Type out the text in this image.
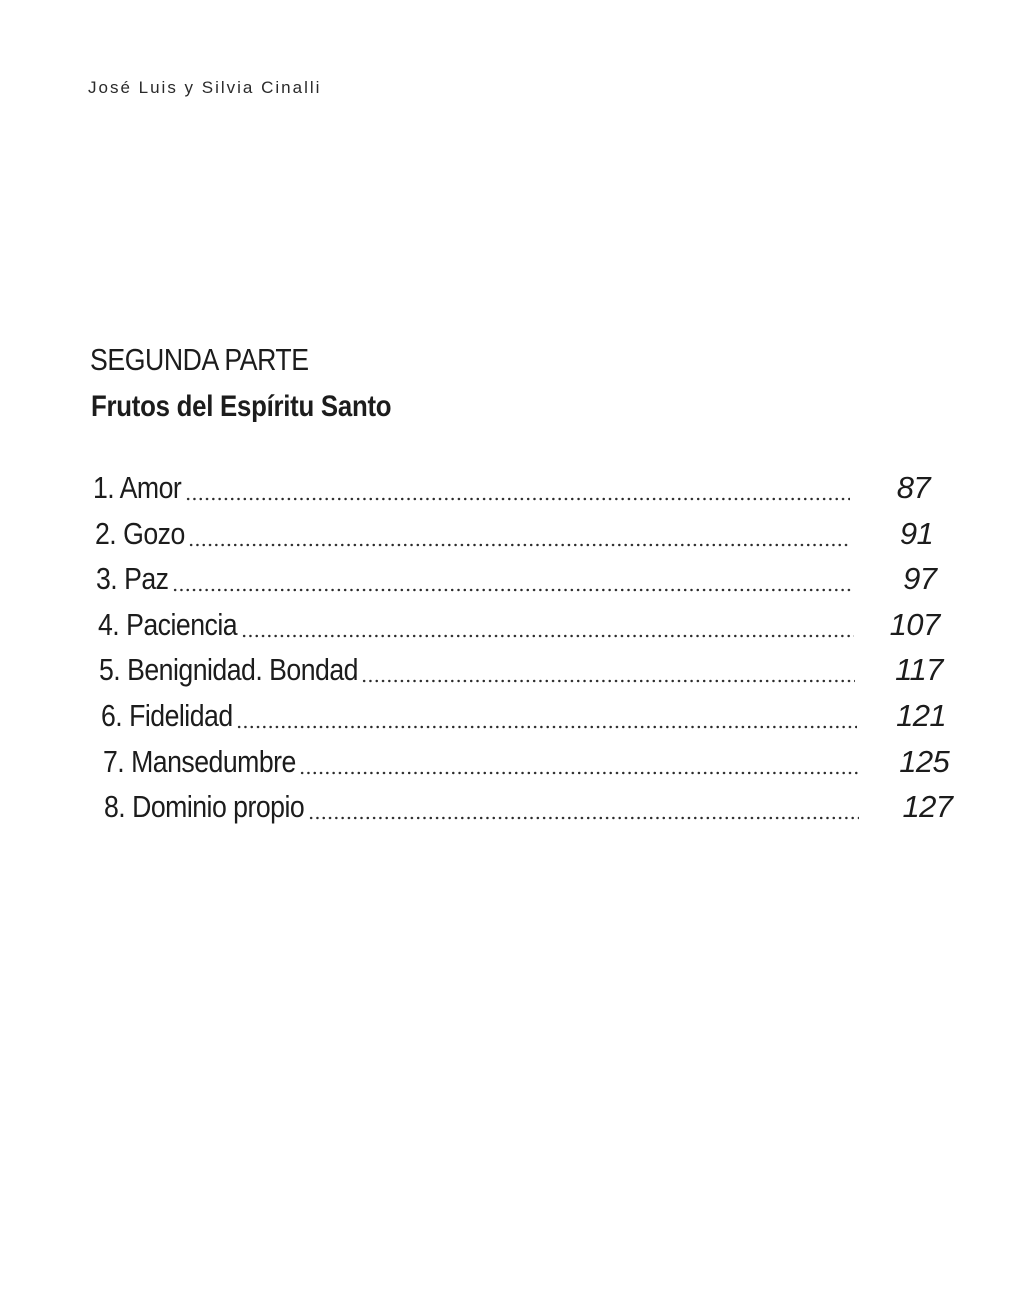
José Luis y Silvia Cinalli
SEGUNDA PARTE
Frutos del Espíritu Santo
1. Amor	87
2. Gozo	91
3. Paz	97
4. Paciencia	107
5. Benignidad. Bondad	117
6. Fidelidad	121
7. Mansedumbre	125
8. Dominio propio	127
